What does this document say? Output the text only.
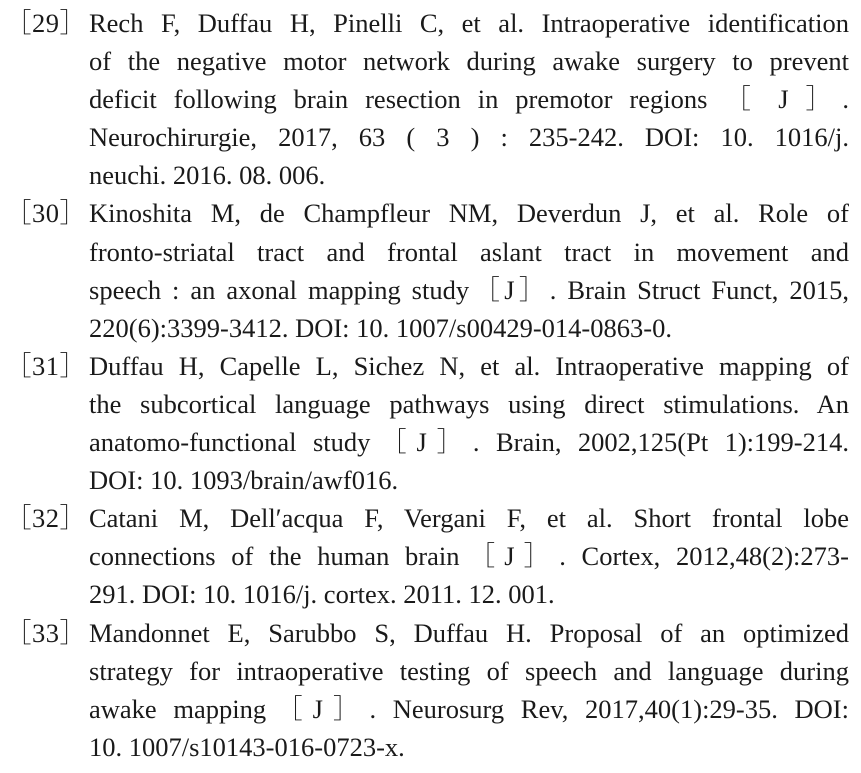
［29］ Rech F, Duffau H, Pinelli C, et al. Intraoperative identification
of the negative motor network during awake surgery to prevent
deficit following brain resection in premotor regions ［ J ］.
Neurochirurgie, 2017, 63 ( 3 ) : 235-242. DOI: 10. 1016/j.
neuchi. 2016. 08. 006.
［30］ Kinoshita M, de Champfleur NM, Deverdun J, et al. Role of
fronto-striatal tract and frontal aslant tract in movement and
speech : an axonal mapping study［J］. Brain Struct Funct, 2015,
220(6):3399-3412. DOI: 10. 1007/s00429-014-0863-0.
［31］ Duffau H, Capelle L, Sichez N, et al. Intraoperative mapping of
the subcortical language pathways using direct stimulations. An
anatomo-functional study［J］. Brain, 2002,125(Pt 1):199-214.
DOI: 10. 1093/brain/awf016.
［32］ Catani M, Dell′acqua F, Vergani F, et al. Short frontal lobe
connections of the human brain［J］. Cortex, 2012,48(2):273-
291. DOI: 10. 1016/j. cortex. 2011. 12. 001.
［33］ Mandonnet E, Sarubbo S, Duffau H. Proposal of an optimized
strategy for intraoperative testing of speech and language during
awake mapping［J］. Neurosurg Rev, 2017,40(1):29-35. DOI:
10. 1007/s10143-016-0723-x.
